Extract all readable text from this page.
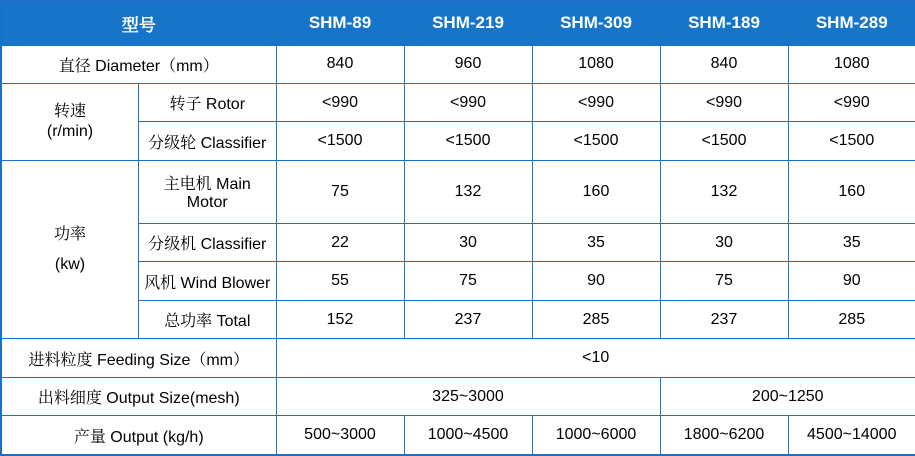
型号		SHM-89	SHM-219	SHM-309	SHM-189	SHM-289
直径 Diameter（mm）		840	960	1080	840	1080

转速
(r/min)	转子 Rotor	<990	<990	<990	<990	<990
	分级轮 Classifier	<1500	<1500	<1500	<1500	<1500

功率
(kw)	主电机 Main Motor	75	132	160	132	160
	分级机 Classifier	22	30	35	30	35
	风机 Wind Blower	55	75	90	75	90
	总功率 Total	152	237	285	237	285
进料粒度 Feeding Size（mm）		<10				
出料细度 Output Size(mesh)		325~3000			200~1250	
产量 Output (kg/h)		500~3000	1000~4500	1000~6000	1800~6200	4500~14000
